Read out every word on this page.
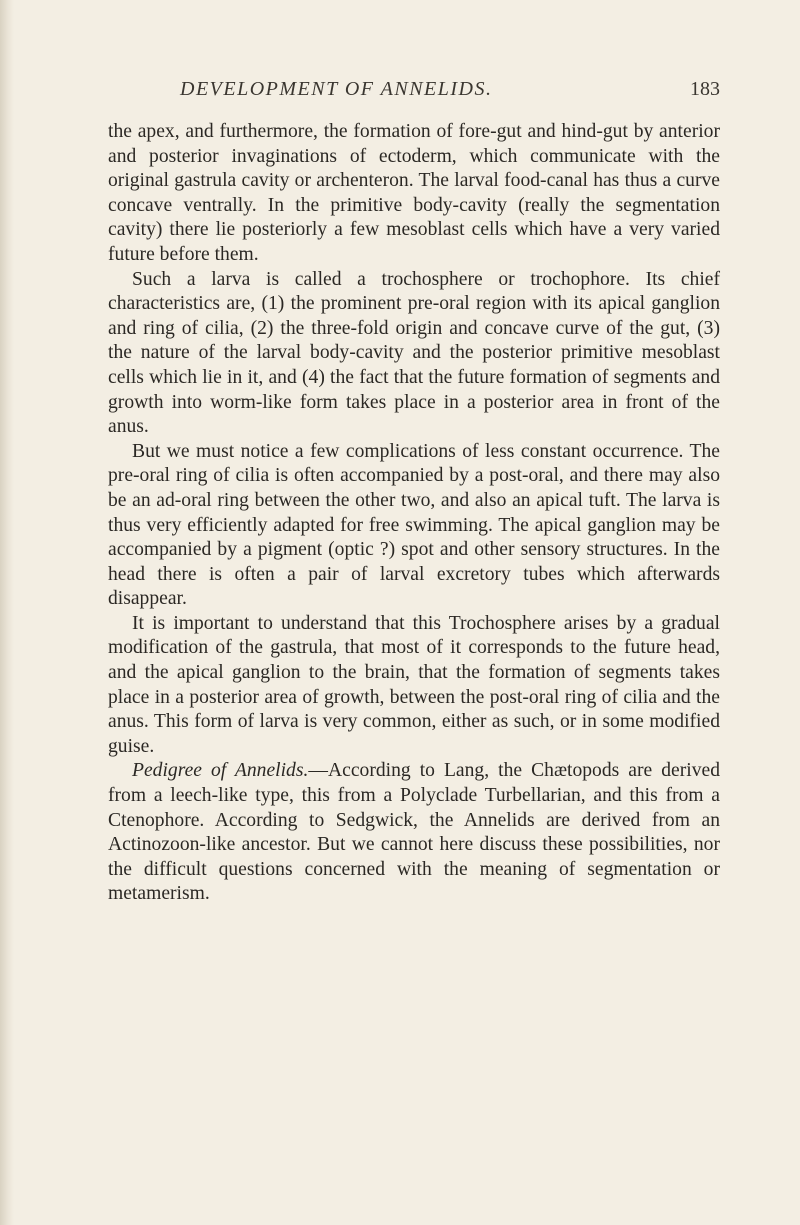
DEVELOPMENT OF ANNELIDS.	183

the apex, and furthermore, the formation of fore-gut and hind-gut by anterior and posterior invaginations of ectoderm, which communicate with the original gastrula cavity or archenteron. The larval food-canal has thus a curve concave ventrally. In the primitive body-cavity (really the segmentation cavity) there lie posteriorly a few mesoblast cells which have a very varied future before them.

Such a larva is called a trochosphere or trochophore. Its chief characteristics are, (1) the prominent pre-oral region with its apical ganglion and ring of cilia, (2) the three-fold origin and concave curve of the gut, (3) the nature of the larval body-cavity and the posterior primitive mesoblast cells which lie in it, and (4) the fact that the future formation of segments and growth into worm-like form takes place in a posterior area in front of the anus.

But we must notice a few complications of less constant occurrence. The pre-oral ring of cilia is often accompanied by a post-oral, and there may also be an ad-oral ring between the other two, and also an apical tuft. The larva is thus very efficiently adapted for free swimming. The apical ganglion may be accompanied by a pigment (optic ?) spot and other sensory structures. In the head there is often a pair of larval excretory tubes which afterwards disappear.

It is important to understand that this Trochosphere arises by a gradual modification of the gastrula, that most of it corresponds to the future head, and the apical ganglion to the brain, that the formation of segments takes place in a posterior area of growth, between the post-oral ring of cilia and the anus. This form of larva is very common, either as such, or in some modified guise.

Pedigree of Annelids.—According to Lang, the Chætopods are derived from a leech-like type, this from a Polyclade Turbellarian, and this from a Ctenophore. According to Sedgwick, the Annelids are derived from an Actinozoon-like ancestor. But we cannot here discuss these possibilities, nor the difficult questions concerned with the meaning of segmentation or metamerism.
